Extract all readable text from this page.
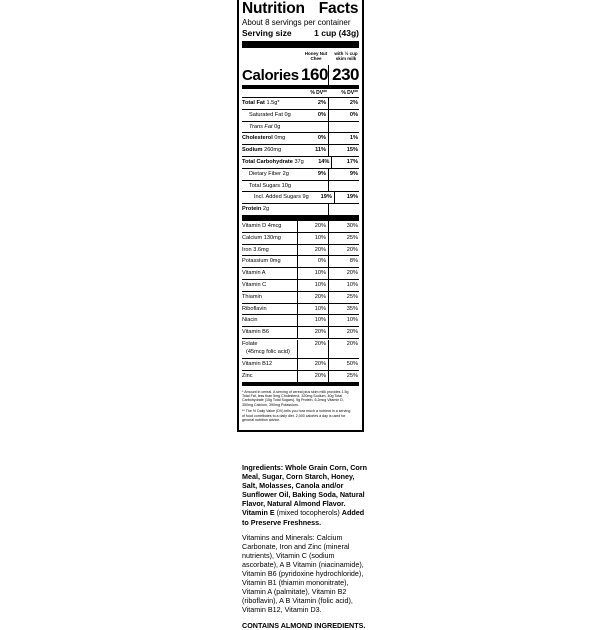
Nutrition Facts
About 8 servings per container
Serving size	1 cup (43g)
Honey Nut Chee
with ½ cup skim milk
Calories 160 230
% DV**	% DV**
Total Fat 1.5g*	2%	2%
Saturated Fat 0g	0%	0%
Trans Fat 0g
Cholesterol 0mg	0%	1%
Sodium 260mg	11%	15%
Total Carbohydrate 37g	14%	17%
Dietary Fiber 2g	9%	9%
Total Sugars 10g
Incl. Added Sugars 9g	19%	19%
Protein 2g
Vitamin D 4mcg	20%	30%
Calcium 130mg	10%	25%
Iron 3.6mg	20%	20%
Potassium 0mg	0%	8%
Vitamin A	10%	20%
Vitamin C	10%	10%
Thiamin	20%	25%
Riboflavin	10%	35%
Niacin	10%	10%
Vitamin B6	20%	20%
Folate
(45mcg folic acid)
20%	20%
Vitamin B12	20%	50%
Zinc	20%	25%

* Amount in cereal. A serving of cereal plus skim milk provides 1.5g Total Fat, less than 5mg Cholesterol, 320mg Sodium, 40g Total Carbohydrate (15g Total Sugars), 9g Protein, 6.2mcg Vitamin D, 350mg Calcium, 390mg Potassium.

** The % Daily Value (DV) tells you how much a nutrient in a serving of food contributes to a daily diet. 2,000 calories a day is used for general nutrition advice.

Ingredients: Whole Grain Corn, Corn Meal, Sugar, Corn Starch, Honey, Salt, Molasses, Canola and/or Sunflower Oil, Baking Soda, Natural Flavor, Natural Almond Flavor. Vitamin E (mixed tocopherols) Added to Preserve Freshness.

Vitamins and Minerals: Calcium Carbonate, Iron and Zinc (mineral nutrients), Vitamin C (sodium ascorbate), A B Vitamin (niacinamide), Vitamin B6 (pyridoxine hydrochloride), Vitamin B1 (thiamin mononitrate), Vitamin A (palmitate), Vitamin B2 (riboflavin), A B Vitamin (folic acid), Vitamin B12, Vitamin D3.

CONTAINS ALMOND INGREDIENTS.
